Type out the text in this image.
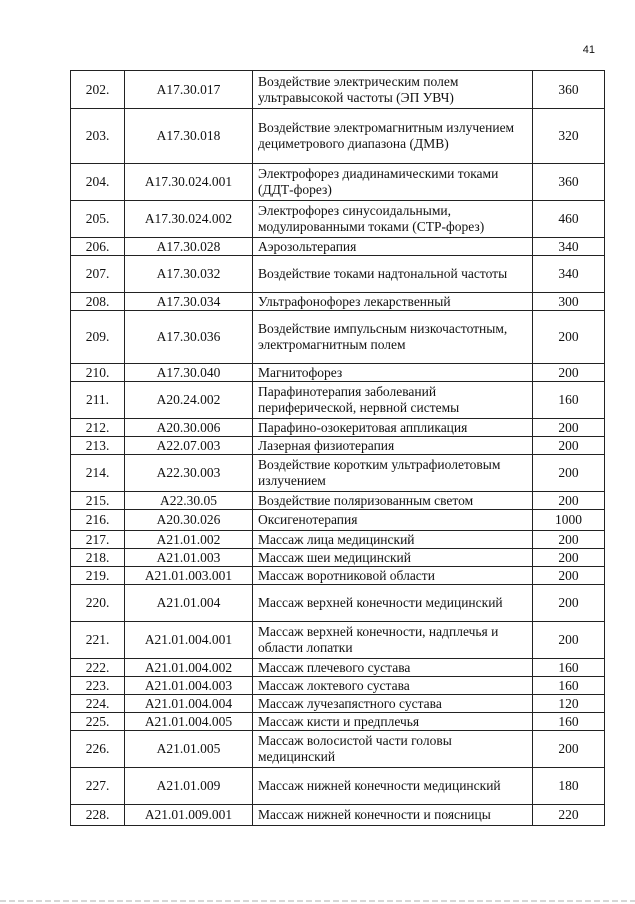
41
202.	A17.30.017	Воздействие электрическим полем ультравысокой частоты (ЭП УВЧ)	360
203.	A17.30.018	Воздействие электромагнитным излучением дециметрового диапазона (ДМВ)	320
204.	A17.30.024.001	Электрофорез диадинамическими токами (ДДТ-форез)	360
205.	A17.30.024.002	Электрофорез синусоидальными, модулированными токами (СТР-форез)	460
206.	A17.30.028	Аэрозольтерапия	340
207.	A17.30.032	Воздействие токами надтональной частоты	340
208.	A17.30.034	Ультрафонофорез лекарственный	300
209.	A17.30.036	Воздействие импульсным низкочастотным, электромагнитным полем	200
210.	A17.30.040	Магнитофорез	200
211.	A20.24.002	Парафинотерапия заболеваний периферической, нервной системы	160
212.	A20.30.006	Парафино-озокеритовая аппликация	200
213.	A22.07.003	Лазерная физиотерапия	200
214.	A22.30.003	Воздействие коротким ультрафиолетовым излучением	200
215.	A22.30.05	Воздействие поляризованным светом	200
216.	A20.30.026	Оксигенотерапия	1000
217.	A21.01.002	Массаж лица медицинский	200
218.	A21.01.003	Массаж шеи медицинский	200
219.	A21.01.003.001	Массаж воротниковой области	200
220.	A21.01.004	Массаж верхней конечности медицинский	200
221.	A21.01.004.001	Массаж верхней конечности, надплечья и области лопатки	200
222.	A21.01.004.002	Массаж плечевого сустава	160
223.	A21.01.004.003	Массаж локтевого сустава	160
224.	A21.01.004.004	Массаж лучезапястного сустава	120
225.	A21.01.004.005	Массаж кисти и предплечья	160
226.	A21.01.005	Массаж волосистой части головы медицинский	200
227.	A21.01.009	Массаж нижней конечности медицинский	180
228.	A21.01.009.001	Массаж нижней конечности и поясницы	220
